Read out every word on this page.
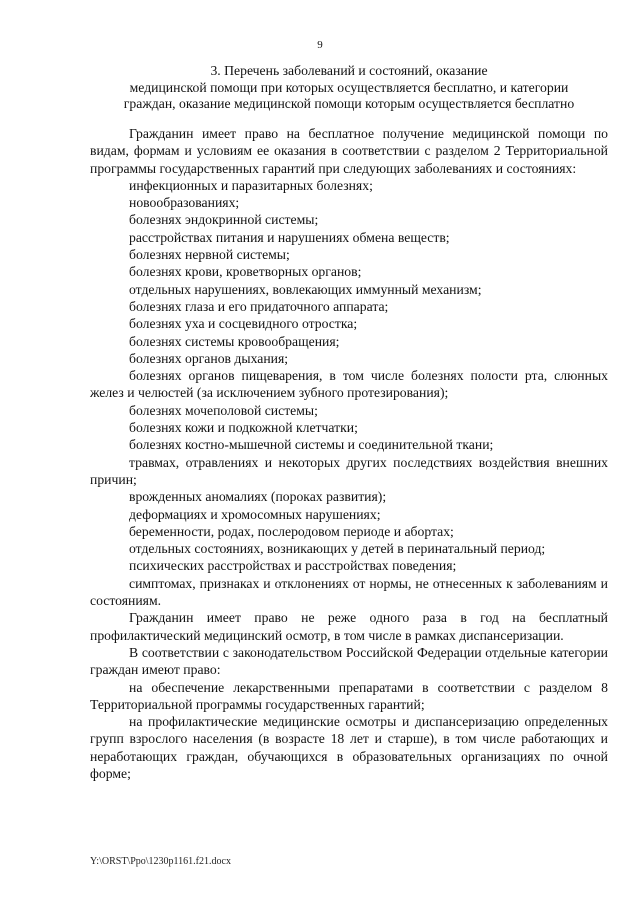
9
3. Перечень заболеваний и состояний, оказание
медицинской помощи при которых осуществляется бесплатно, и категории
граждан, оказание медицинской помощи которым осуществляется бесплатно

Гражданин имеет право на бесплатное получение медицинской помощи по видам, формам и условиям ее оказания в соответствии с разделом 2 Территориальной программы государственных гарантий при следующих заболеваниях и состояниях:

инфекционных и паразитарных болезнях;
новообразованиях;
болезнях эндокринной системы;
расстройствах питания и нарушениях обмена веществ;
болезнях нервной системы;
болезнях крови, кроветворных органов;
отдельных нарушениях, вовлекающих иммунный механизм;
болезнях глаза и его придаточного аппарата;
болезнях уха и сосцевидного отростка;
болезнях системы кровообращения;
болезнях органов дыхания;
болезнях органов пищеварения, в том числе болезнях полости рта, слюнных желез и челюстей (за исключением зубного протезирования);
болезнях мочеполовой системы;
болезнях кожи и подкожной клетчатки;
болезнях костно-мышечной системы и соединительной ткани;
травмах, отравлениях и некоторых других последствиях воздействия внешних причин;
врожденных аномалиях (пороках развития);
деформациях и хромосомных нарушениях;
беременности, родах, послеродовом периоде и абортах;
отдельных состояниях, возникающих у детей в перинатальный период;
психических расстройствах и расстройствах поведения;
симптомах, признаках и отклонениях от нормы, не отнесенных к заболеваниям и состояниям.

Гражданин имеет право не реже одного раза в год на бесплатный профилактический медицинский осмотр, в том числе в рамках диспансеризации.

В соответствии с законодательством Российской Федерации отдельные категории граждан имеют право:

на обеспечение лекарственными препаратами в соответствии с разделом 8 Территориальной программы государственных гарантий;

на профилактические медицинские осмотры и диспансеризацию определенных групп взрослого населения (в возрасте 18 лет и старше), в том числе работающих и неработающих граждан, обучающихся в образовательных организациях по очной форме;

Y:\ORST\Ppo\1230p1161.f21.docx
